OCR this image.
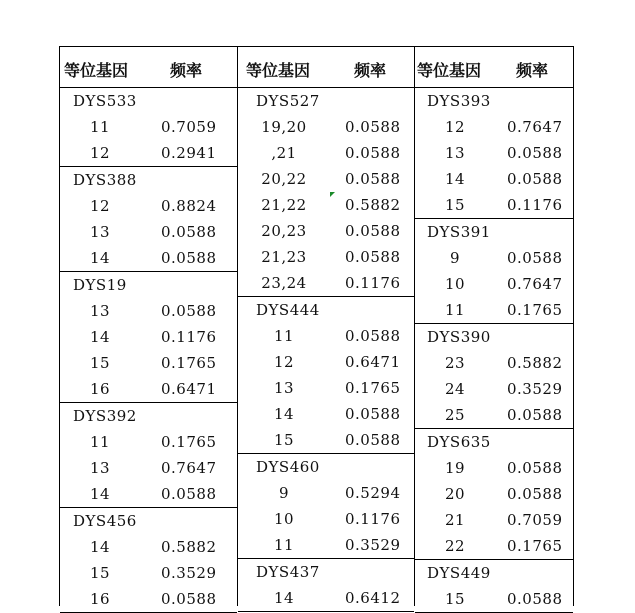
等位基因	频率
DYS533
11	0.7059
12	0.2941
DYS388
12	0.8824
13	0.0588
14	0.0588
DYS19
13	0.0588
14	0.1176
15	0.1765
16	0.6471
DYS392
11	0.1765
13	0.7647
14	0.0588
DYS456
14	0.5882
15	0.3529
16	0.0588
等位基因	频率
DYS527
19,20	0.0588
,21	0.0588
20,22	0.0588
21,22	0.5882
20,23	0.0588
21,23	0.0588
23,24	0.1176
DYS444
11	0.0588
12	0.6471
13	0.1765
14	0.0588
15	0.0588
DYS460
9	0.5294
10	0.1176
11	0.3529
DYS437
14	0.6412
等位基因 频率
DYS393
12	0.7647
13	0.0588
14	0.0588
15	0.1176
DYS391
9	0.0588
10	0.7647
11	0.1765
DYS390
23	0.5882
24	0.3529
25	0.0588
DYS635
19	0.0588
20	0.0588
21	0.7059
22	0.1765
DYS449
15	0.0588
